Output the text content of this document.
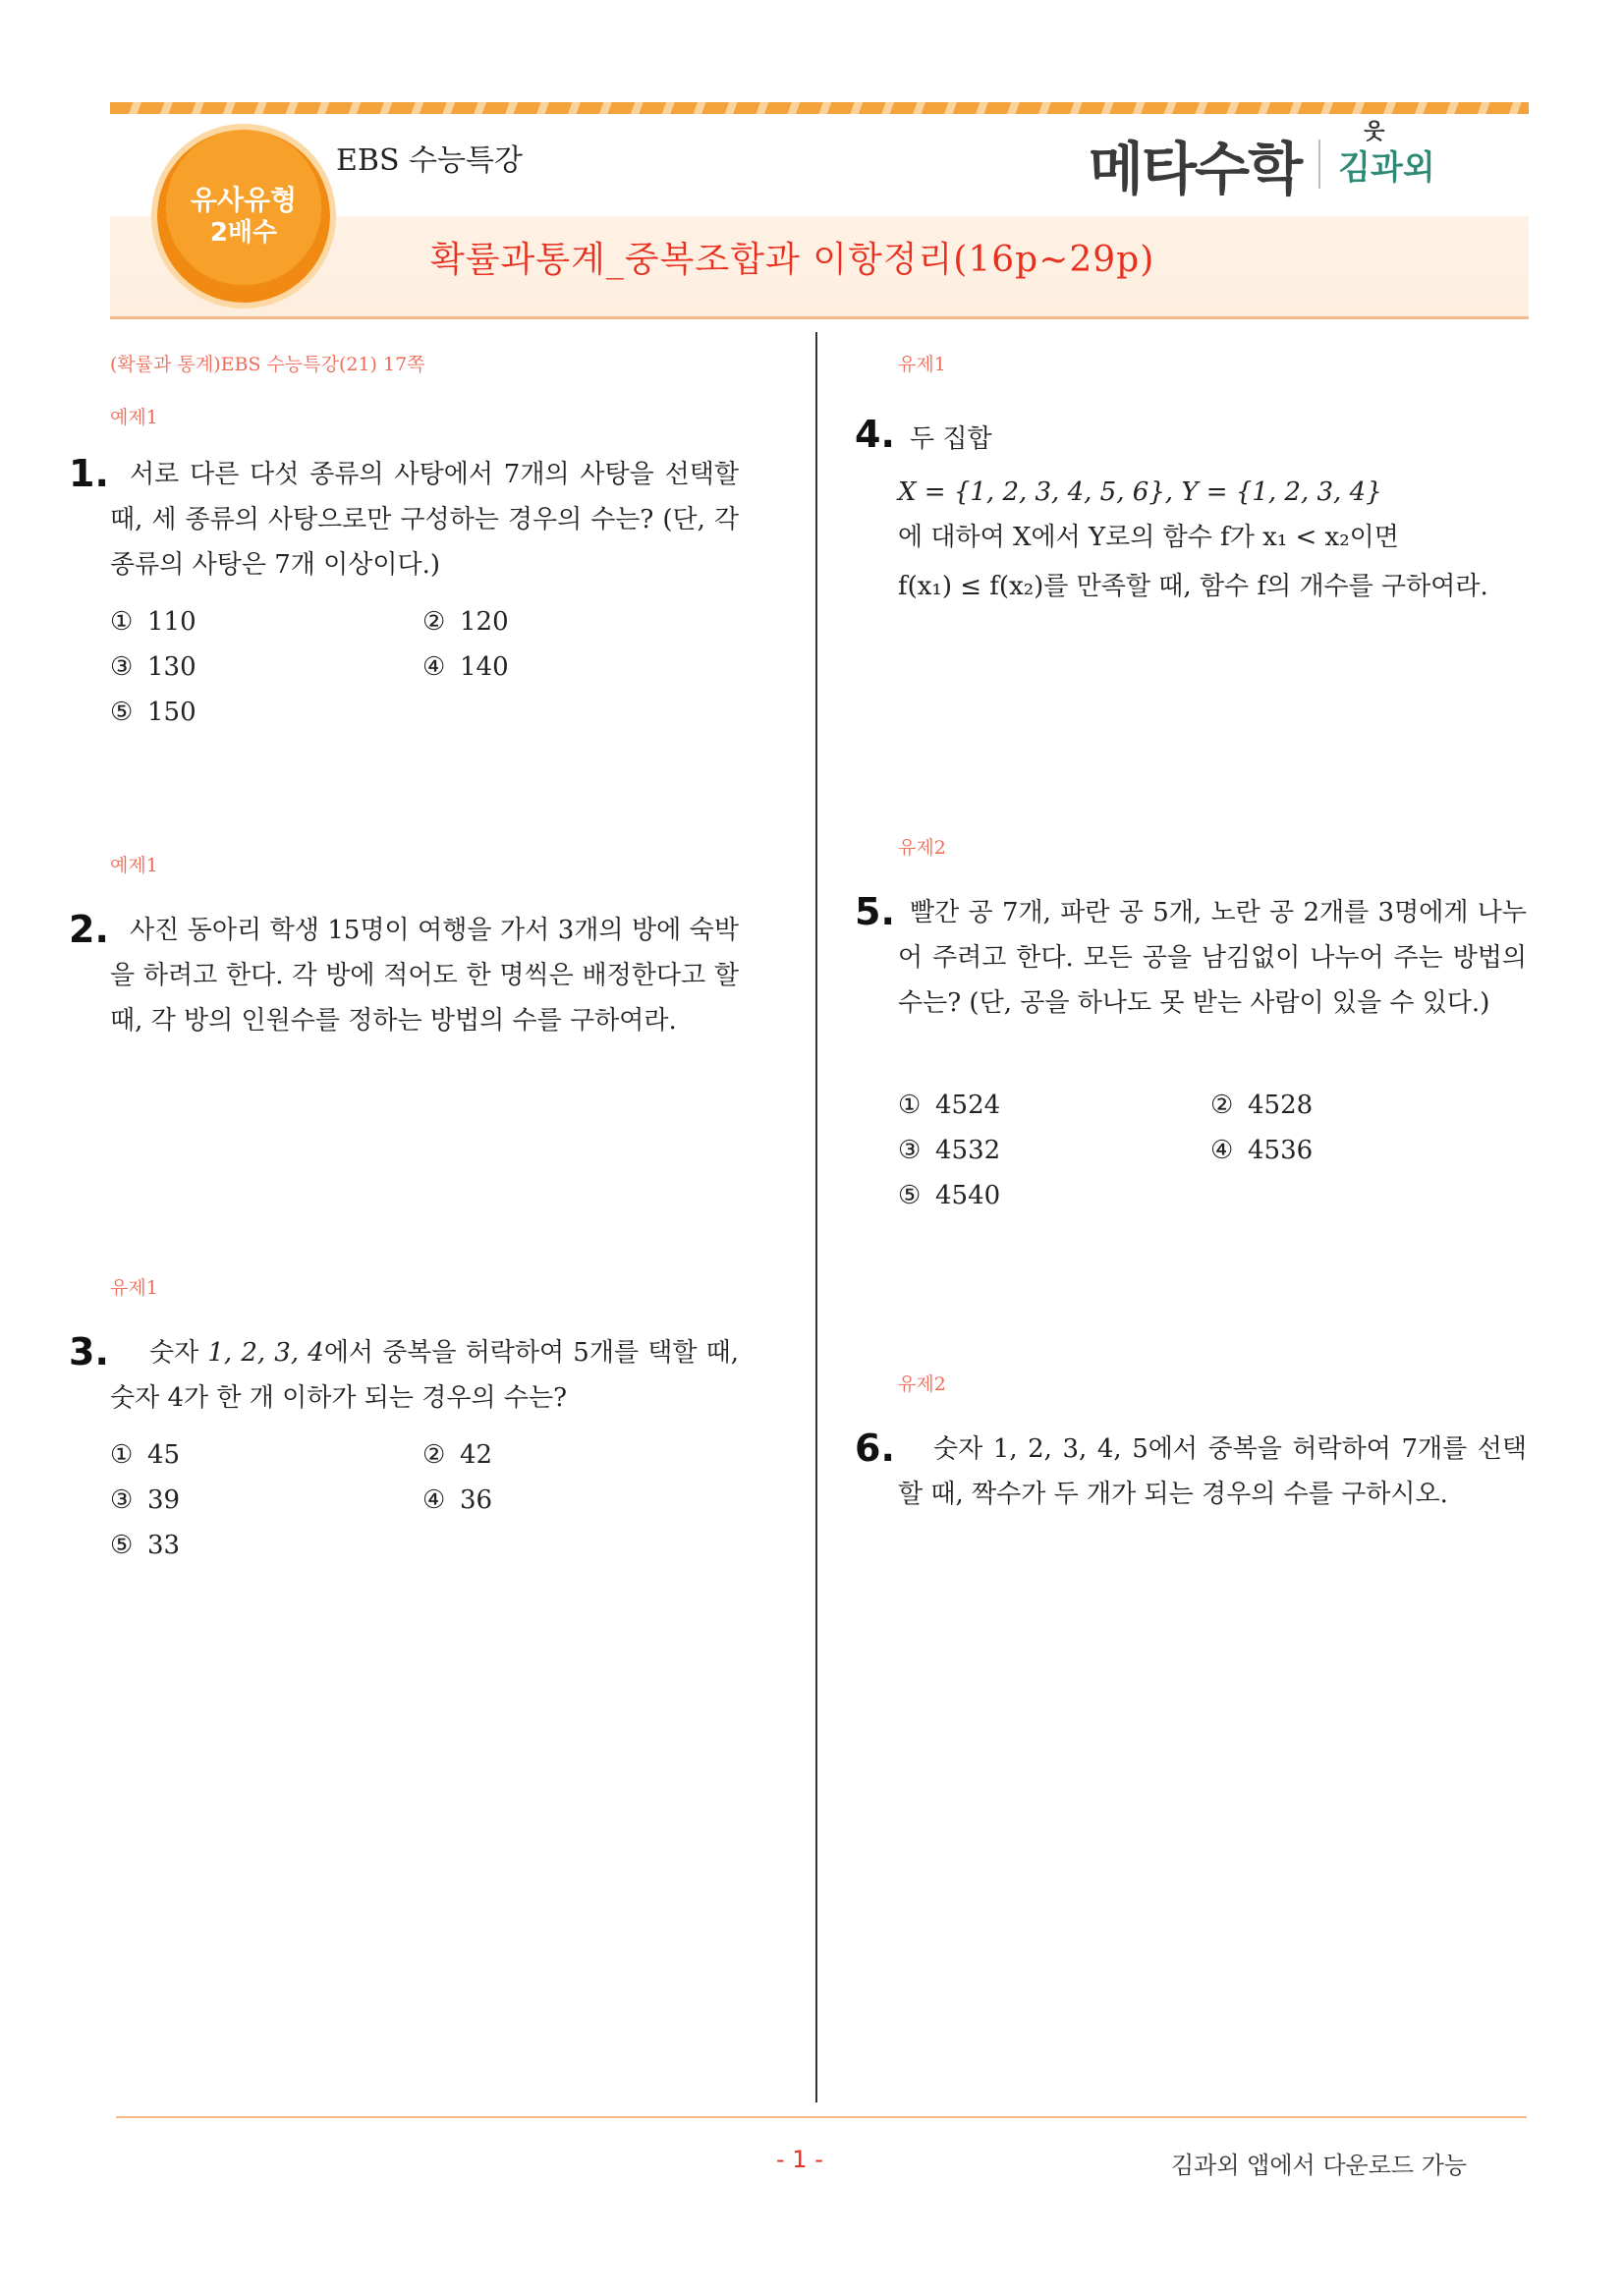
유사유형
2배수
EBS 수능특강
확률과통계_중복조합과 이항정리(16p~29p)
메타수학
웃
김과외
(확률과 통계)EBS 수능특강(21) 17쪽
예제1
1. 서로 다른 다섯 종류의 사탕에서 7개의 사탕을 선택할 때, 세 종류의 사탕으로만 구성하는 경우의 수는? (단, 각 종류의 사탕은 7개 이상이다.)
① 110	② 120
③ 130	④ 140
⑤ 150
예제1
2. 사진 동아리 학생 15명이 여행을 가서 3개의 방에 숙박을 하려고 한다. 각 방에 적어도 한 명씩은 배정한다고 할 때, 각 방의 인원수를 정하는 방법의 수를 구하여라.
유제1
3.	숫자 1, 2, 3, 4에서 중복을 허락하여 5개를 택할 때, 숫자 4가 한 개 이하가 되는 경우의 수는?
① 45	② 42
③ 39	④ 36
⑤ 33
유제1
4. 두 집합
X = {1, 2, 3, 4, 5, 6}, Y = {1, 2, 3, 4}
에 대하여 X에서 Y로의 함수 f가 x₁ < x₂이면
f(x₁) ≤ f(x₂)를 만족할 때, 함수 f의 개수를 구하여라.
유제2
5. 빨간 공 7개, 파란 공 5개, 노란 공 2개를 3명에게 나누어 주려고 한다. 모든 공을 남김없이 나누어 주는 방법의 수는? (단, 공을 하나도 못 받는 사람이 있을 수 있다.)
① 4524	② 4528
③ 4532	④ 4536
⑤ 4540
유제2
6.	숫자 1, 2, 3, 4, 5에서 중복을 허락하여 7개를 선택할 때, 짝수가 두 개가 되는 경우의 수를 구하시오.
- 1 -	김과외 앱에서 다운로드 가능
